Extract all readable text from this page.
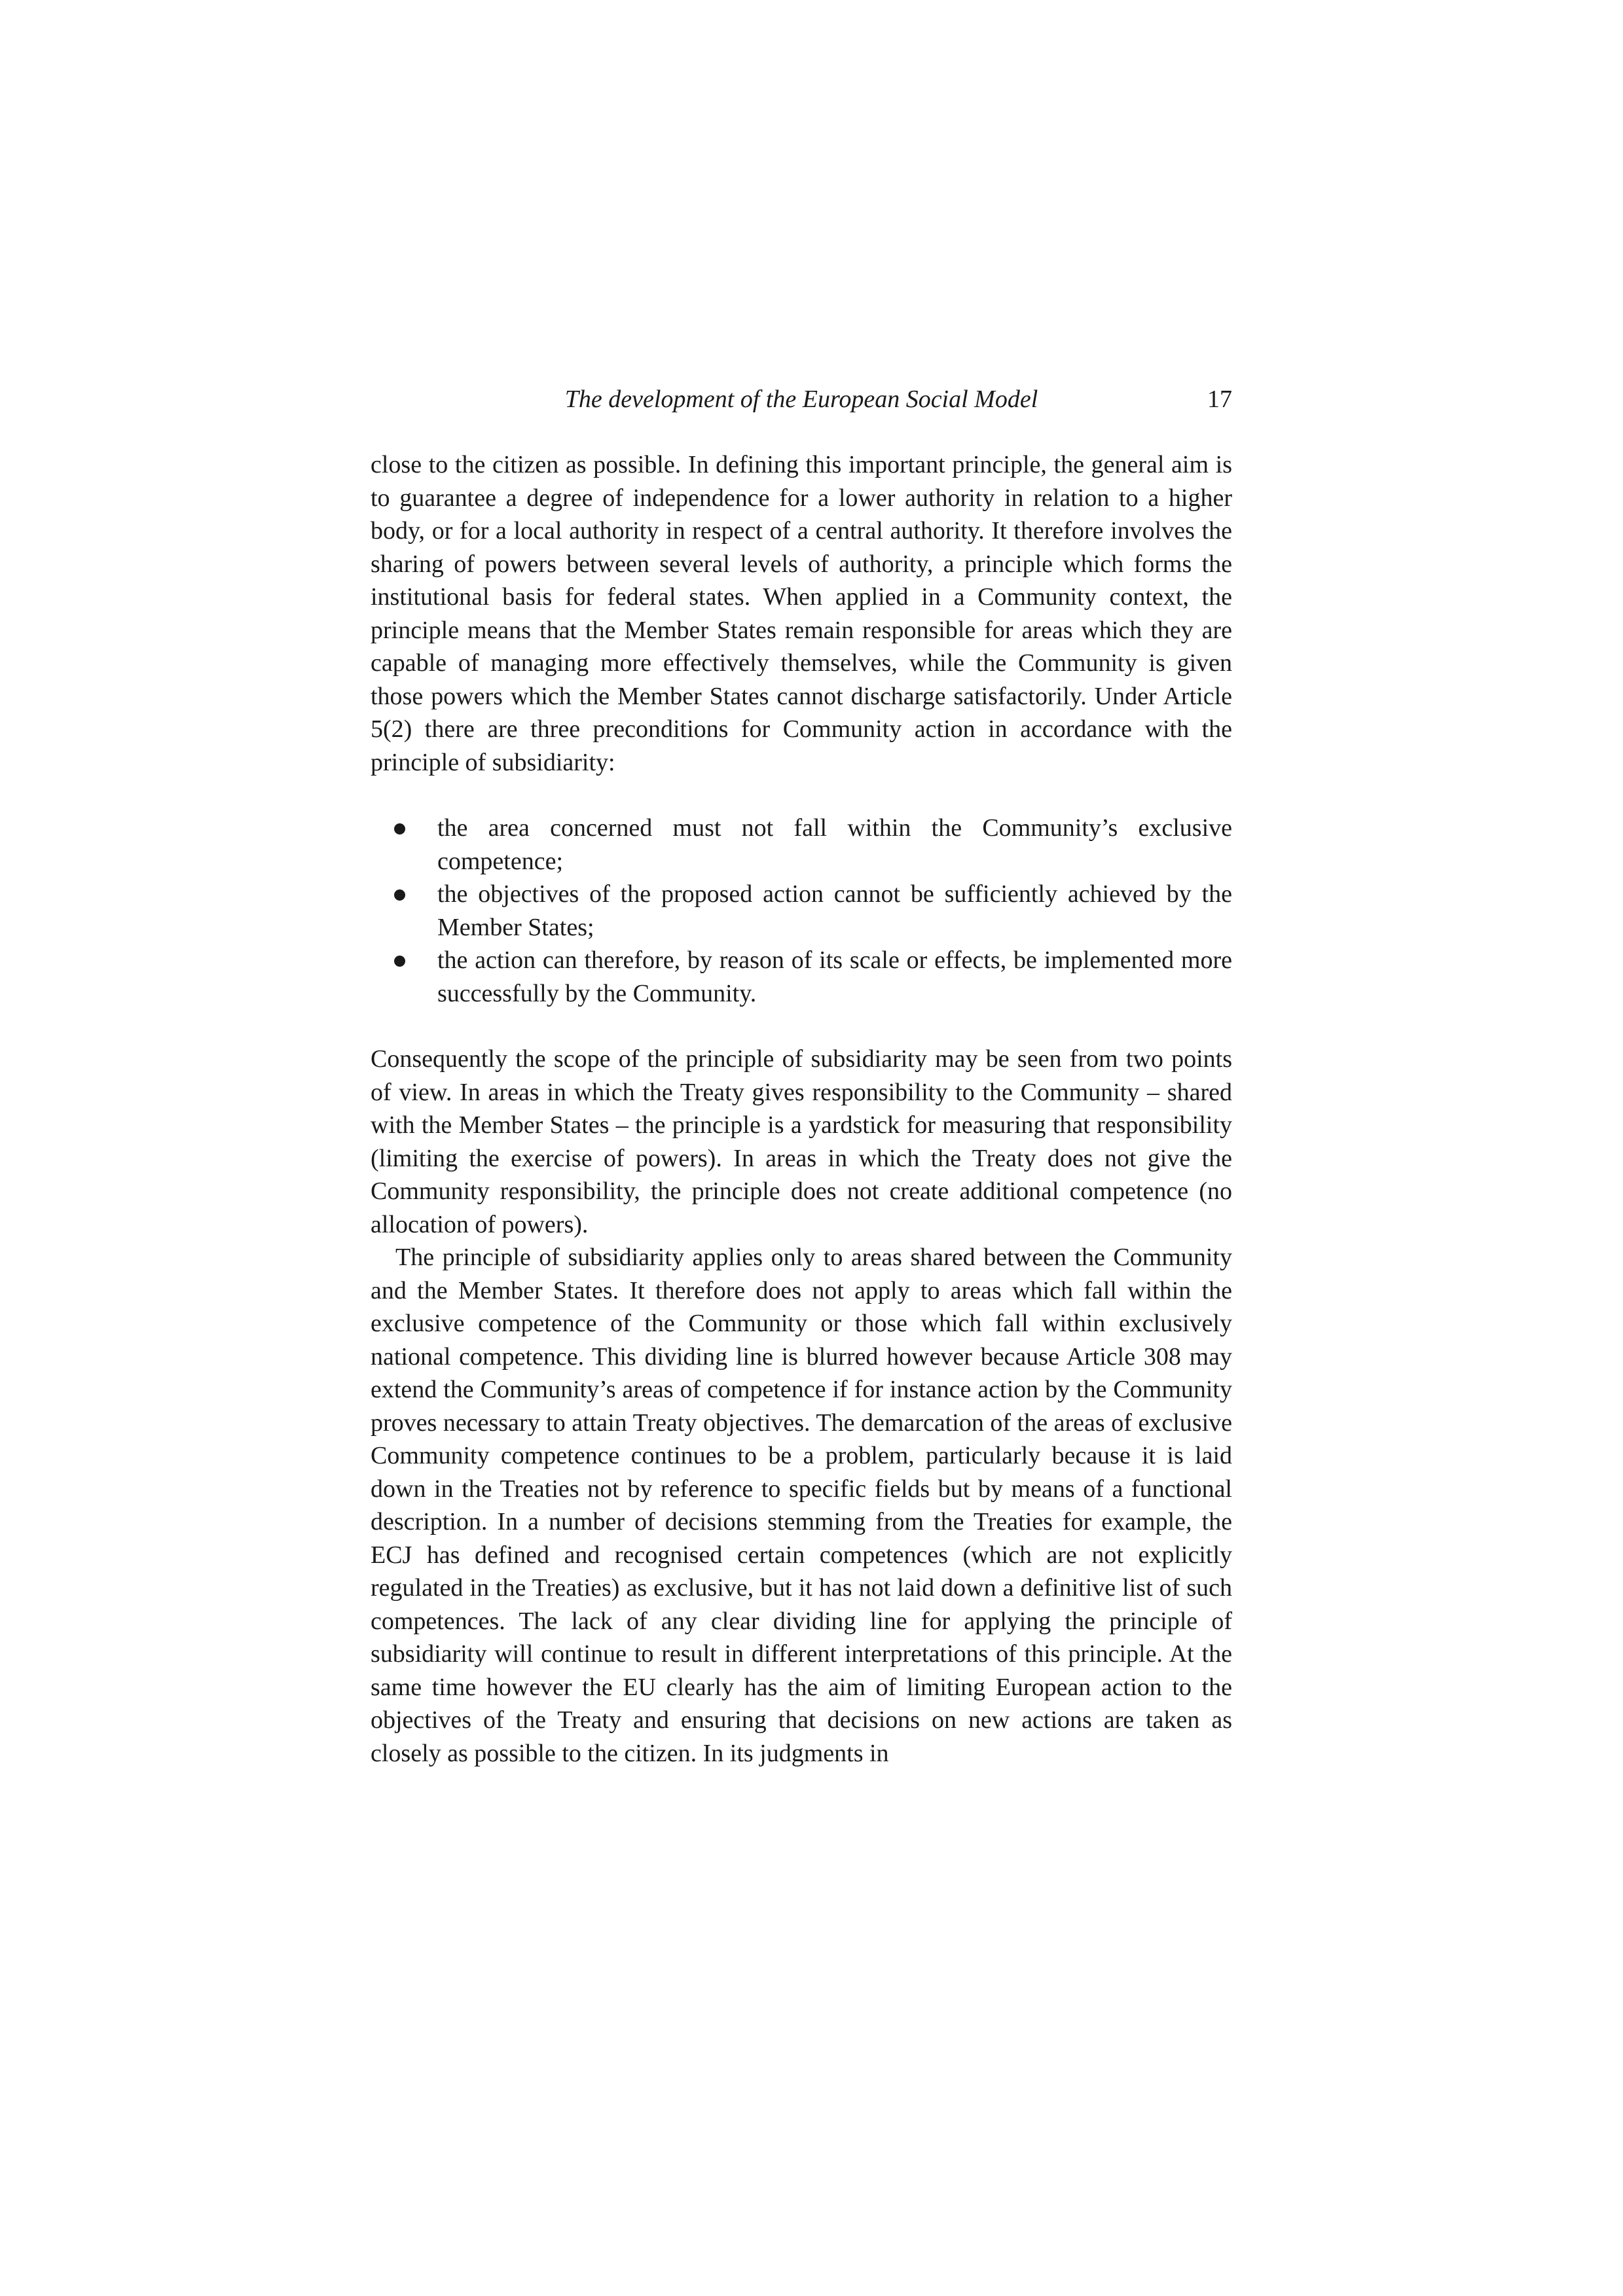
The development of the European Social Model	17

close to the citizen as possible. In defining this important principle, the general aim is to guarantee a degree of independence for a lower authority in relation to a higher body, or for a local authority in respect of a central authority. It therefore involves the sharing of powers between several levels of authority, a principle which forms the institutional basis for federal states. When applied in a Community context, the principle means that the Member States remain responsible for areas which they are capable of managing more effectively themselves, while the Community is given those powers which the Member States cannot discharge satisfactorily. Under Article 5(2) there are three preconditions for Community action in accordance with the principle of subsidiarity:

the area concerned must not fall within the Community’s exclusive competence;
the objectives of the proposed action cannot be sufficiently achieved by the Member States;
the action can therefore, by reason of its scale or effects, be implemented more successfully by the Community.

Consequently the scope of the principle of subsidiarity may be seen from two points of view. In areas in which the Treaty gives responsibility to the Community – shared with the Member States – the principle is a yardstick for measuring that responsibility (limiting the exercise of powers). In areas in which the Treaty does not give the Community responsibility, the principle does not create additional competence (no allocation of powers).

The principle of subsidiarity applies only to areas shared between the Community and the Member States. It therefore does not apply to areas which fall within the exclusive competence of the Community or those which fall within exclusively national competence. This dividing line is blurred however because Article 308 may extend the Community’s areas of competence if for instance action by the Community proves necessary to attain Treaty objectives. The demarcation of the areas of exclusive Community competence continues to be a problem, particularly because it is laid down in the Treaties not by reference to specific fields but by means of a functional description. In a number of decisions stemming from the Treaties for example, the ECJ has defined and recognised certain competences (which are not explicitly regulated in the Treaties) as exclusive, but it has not laid down a definitive list of such competences. The lack of any clear dividing line for applying the principle of subsidiarity will continue to result in different interpretations of this principle. At the same time however the EU clearly has the aim of limiting European action to the objectives of the Treaty and ensuring that decisions on new actions are taken as closely as possible to the citizen. In its judgments in
